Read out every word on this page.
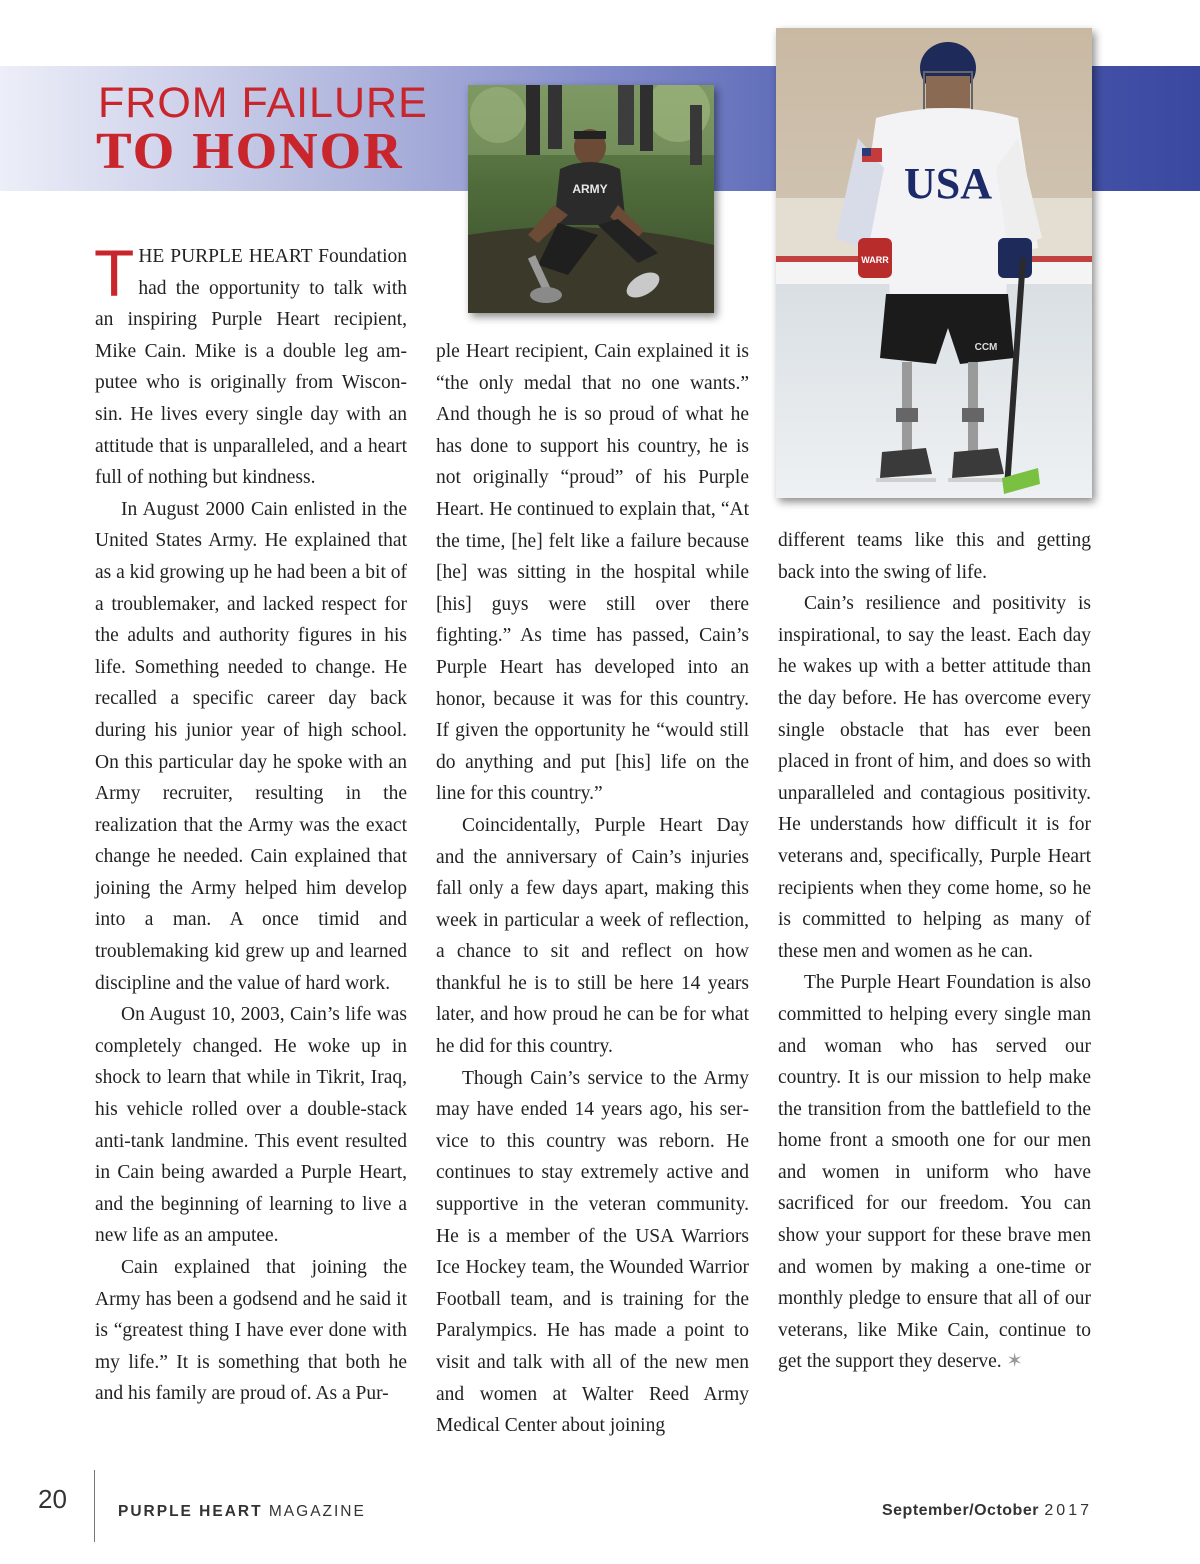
FROM FAILURE
TO HONOR
ARMY	USA
WARR
CCM

THE PURPLE HEART Foundation had the opportunity to talk with an inspiring Purple Heart recipient, Mike Cain. Mike is a double leg amputee who is originally from Wisconsin. He lives every single day with an attitude that is unparalleled, and a heart full of nothing but kindness.

In August 2000 Cain enlisted in the United States Army. He explained that as a kid growing up he had been a bit of a troublemaker, and lacked respect for the adults and authority figures in his life. Something needed to change. He recalled a specific career day back during his junior year of high school. On this particular day he spoke with an Army recruiter, resulting in the realization that the Army was the exact change he needed. Cain explained that joining the Army helped him develop into a man. A once timid and troublemaking kid grew up and learned discipline and the value of hard work.

On August 10, 2003, Cain’s life was completely changed. He woke up in shock to learn that while in Tikrit, Iraq, his vehicle rolled over a double-stack anti-tank landmine. This event resulted in Cain being awarded a Purple Heart, and the beginning of learning to live a new life as an amputee.

Cain explained that joining the Army has been a godsend and he said it is “greatest thing I have ever done with my life.” It is something that both he and his family are proud of. As a Pur-

ple Heart recipient, Cain explained it is “the only medal that no one wants.” And though he is so proud of what he has done to support his country, he is not originally “proud” of his Purple Heart. He continued to explain that, “At the time, [he] felt like a failure because [he] was sitting in the hospital while [his] guys were still over there fighting.” As time has passed, Cain’s Purple Heart has developed into an honor, because it was for this country. If given the opportunity he “would still do anything and put [his] life on the line for this country.”

Coincidentally, Purple Heart Day and the anniversary of Cain’s injuries fall only a few days apart, making this week in particular a week of reflection, a chance to sit and reflect on how thankful he is to still be here 14 years later, and how proud he can be for what he did for this country.

Though Cain’s service to the Army may have ended 14 years ago, his service to this country was reborn. He continues to stay extremely active and supportive in the veteran community. He is a member of the USA Warriors Ice Hockey team, the Wounded Warrior Football team, and is training for the Paralympics. He has made a point to visit and talk with all of the new men and women at Walter Reed Army Medical Center about joining

different teams like this and getting back into the swing of life.

Cain’s resilience and positivity is inspirational, to say the least. Each day he wakes up with a better attitude than the day before. He has overcome every single obstacle that has ever been placed in front of him, and does so with unparalleled and contagious positivity. He understands how difficult it is for veterans and, specifically, Purple Heart recipients when they come home, so he is committed to helping as many of these men and women as he can.

The Purple Heart Foundation is also committed to helping every single man and woman who has served our country. It is our mission to help make the transition from the battlefield to the home front a smooth one for our men and women in uniform who have sacrificed for our freedom. You can show your support for these brave men and women by making a one-time or monthly pledge to ensure that all of our veterans, like Mike Cain, continue to get the support they deserve. ✶

20	PURPLE HEART MAGAZINE	September/October 2017
